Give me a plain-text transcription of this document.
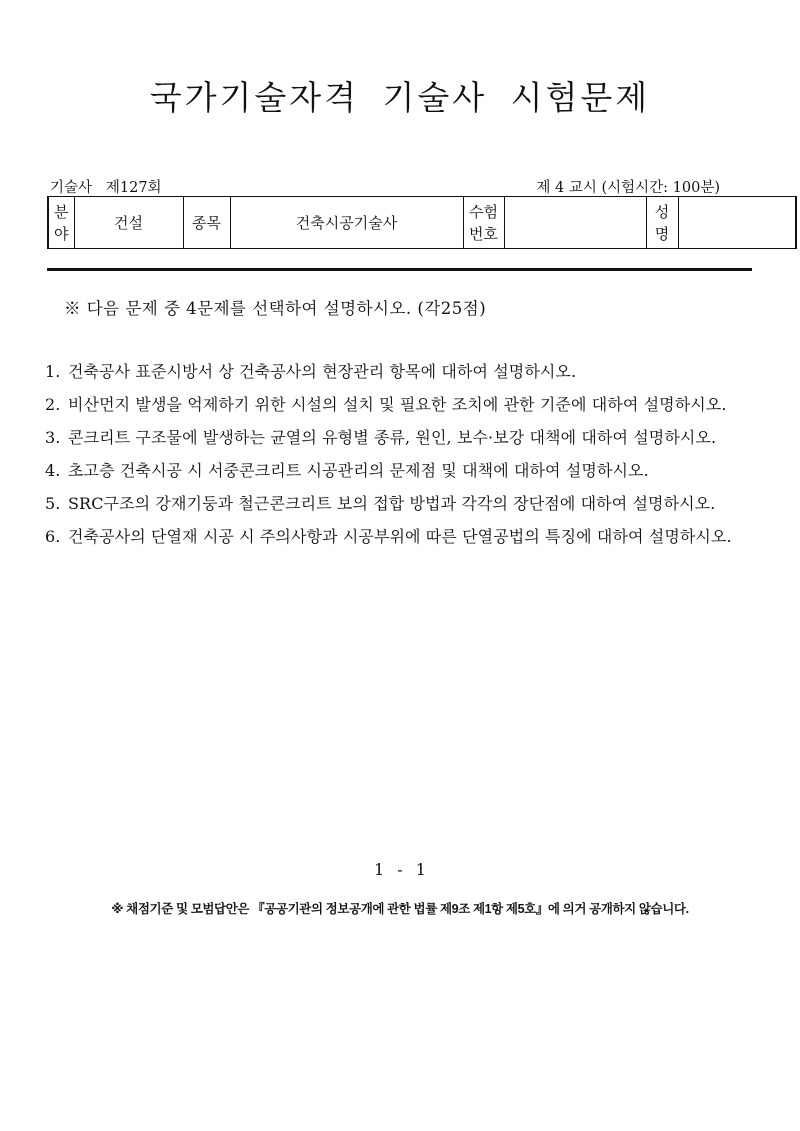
국가기술자격 기술사 시험문제
기술사 제127회	제 4 교시 (시험시간: 100분)
분야	건설	종목	건축시공기술사	수험번호		성명	
※ 다음 문제 중 4문제를 선택하여 설명하시오. (각25점)
1. 건축공사 표준시방서 상 건축공사의 현장관리 항목에 대하여 설명하시오.
2. 비산먼지 발생을 억제하기 위한 시설의 설치 및 필요한 조치에 관한 기준에 대하여 설명하시오.
3. 콘크리트 구조물에 발생하는 균열의 유형별 종류, 원인, 보수·보강 대책에 대하여 설명하시오.
4. 초고층 건축시공 시 서중콘크리트 시공관리의 문제점 및 대책에 대하여 설명하시오.
5. SRC구조의 강재기둥과 철근콘크리트 보의 접합 방법과 각각의 장단점에 대하여 설명하시오.
6. 건축공사의 단열재 시공 시 주의사항과 시공부위에 따른 단열공법의 특징에 대하여 설명하시오.
1 - 1
※ 채점기준 및 모범답안은 『공공기관의 정보공개에 관한 법률 제9조 제1항 제5호』에 의거 공개하지 않습니다.
